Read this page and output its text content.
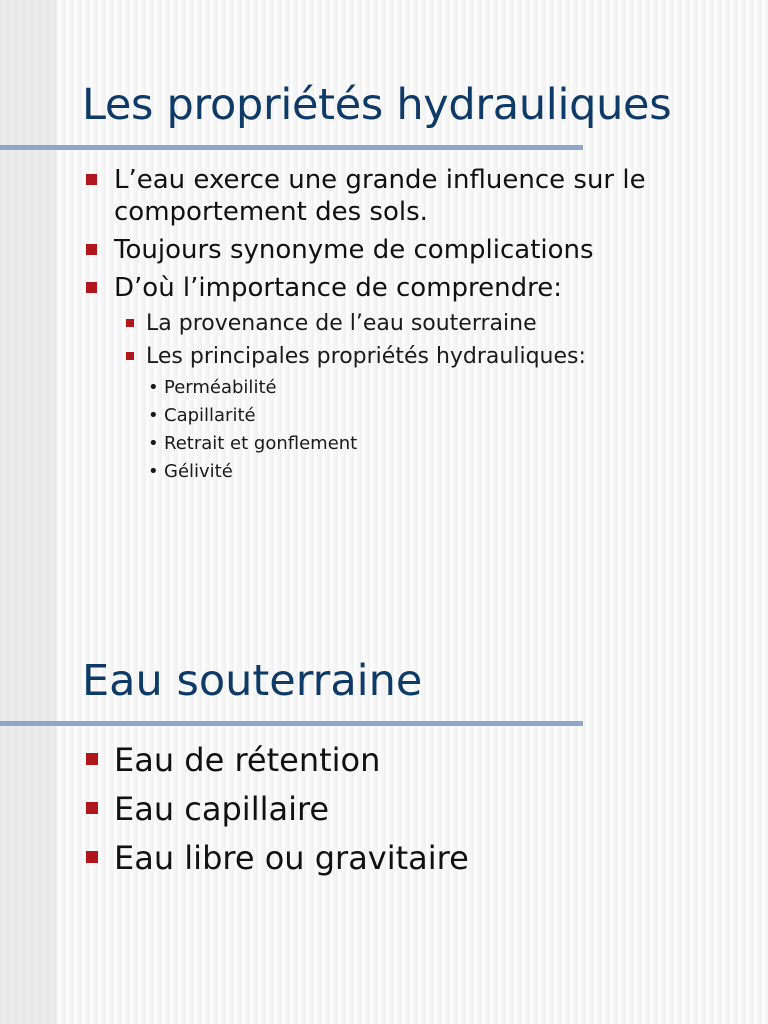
Les propriétés hydrauliques
L’eau exerce une grande influence sur le comportement des sols.
Toujours synonyme de complications
D’où l’importance de comprendre:
La provenance de l’eau souterraine
Les principales propriétés hydrauliques:
• Perméabilité
• Capillarité
• Retrait et gonflement
• Gélivité
Eau souterraine
Eau de rétention
Eau capillaire
Eau libre ou gravitaire
